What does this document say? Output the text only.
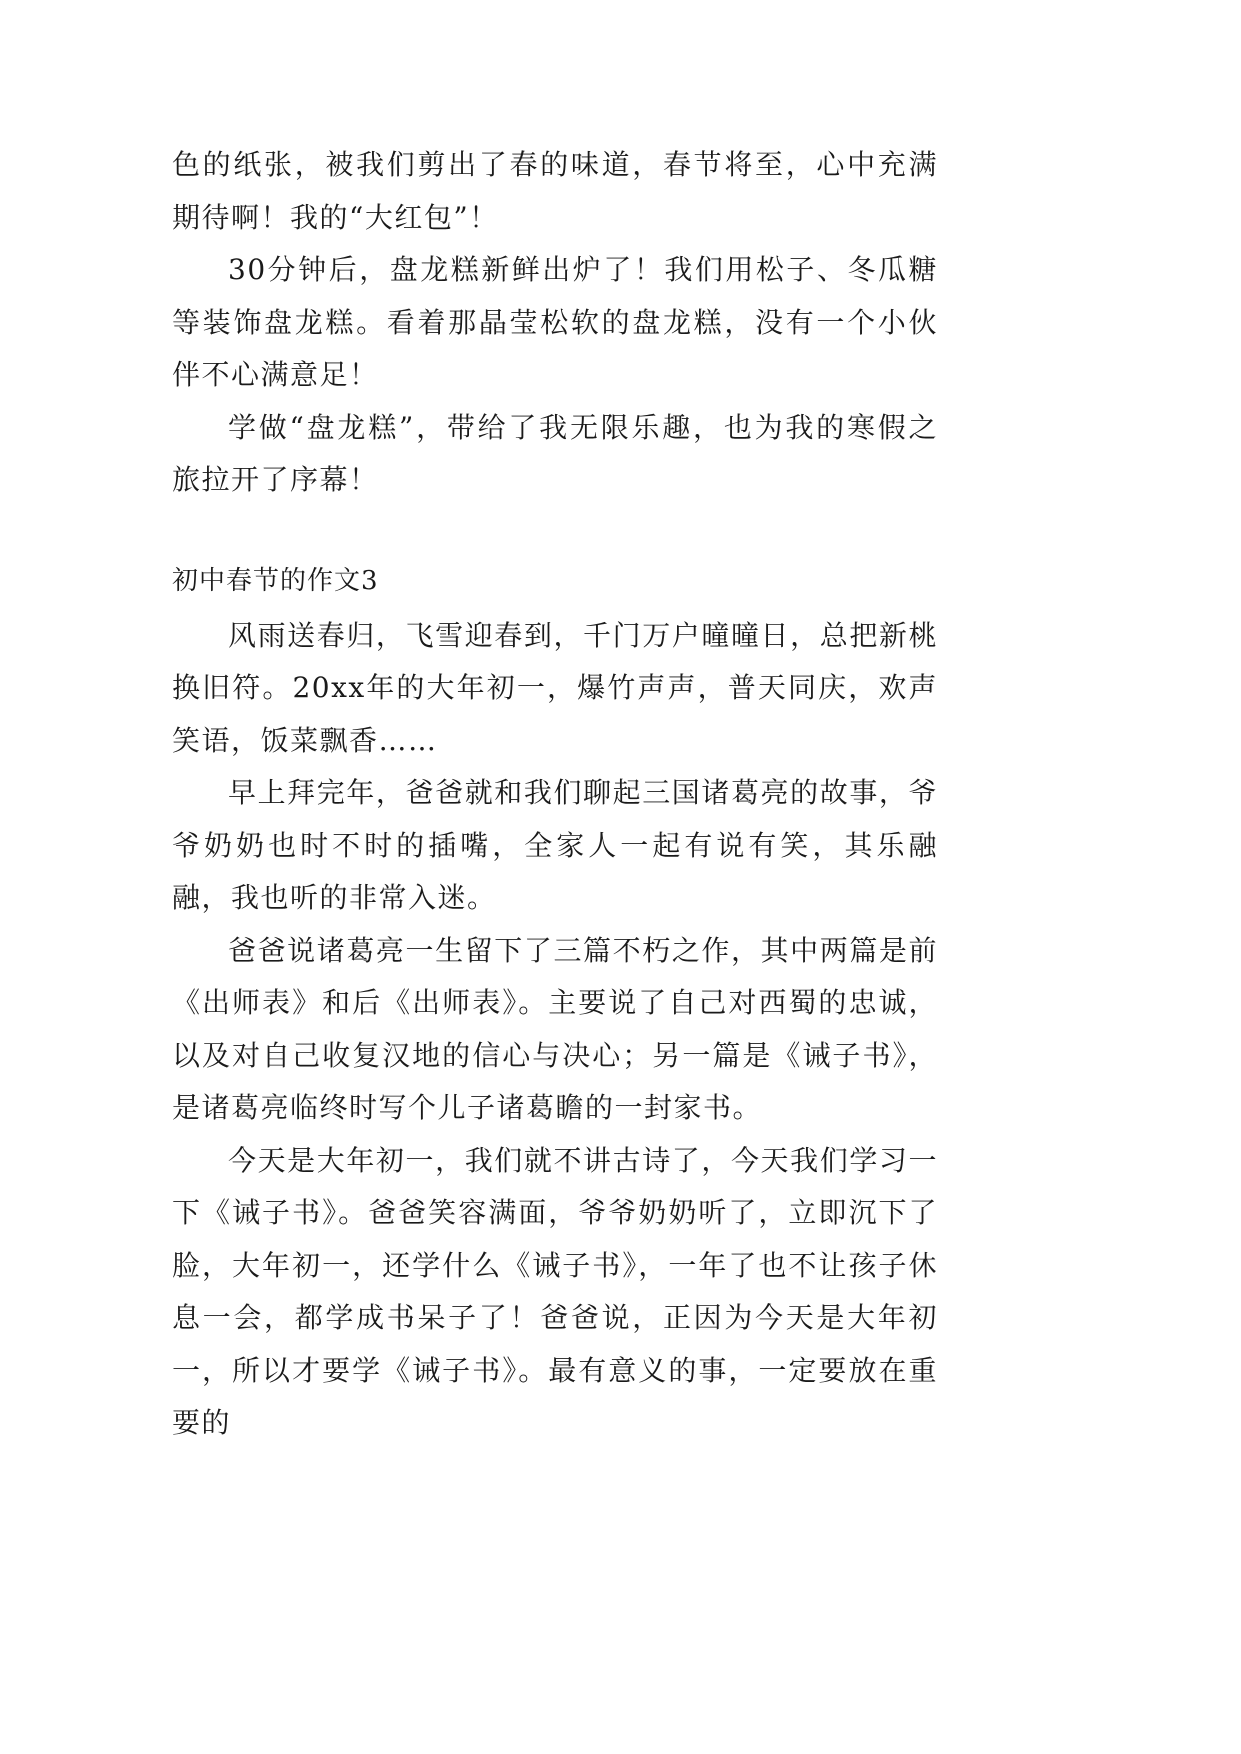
色的纸张，被我们剪出了春的味道，春节将至，心中充满期待啊！我的“大红包”！

30分钟后，盘龙糕新鲜出炉了！我们用松子、冬瓜糖等装饰盘龙糕。看着那晶莹松软的盘龙糕，没有一个小伙伴不心满意足！

学做“盘龙糕”，带给了我无限乐趣，也为我的寒假之旅拉开了序幕！

初中春节的作文3

风雨送春归，飞雪迎春到，千门万户曈曈日，总把新桃换旧符。20xx年的大年初一，爆竹声声，普天同庆，欢声笑语，饭菜飘香……

早上拜完年，爸爸就和我们聊起三国诸葛亮的故事，爷爷奶奶也时不时的插嘴，全家人一起有说有笑，其乐融融，我也听的非常入迷。

爸爸说诸葛亮一生留下了三篇不朽之作，其中两篇是前《出师表》和后《出师表》。主要说了自己对西蜀的忠诚，以及对自己收复汉地的信心与决心；另一篇是《诫子书》，是诸葛亮临终时写个儿子诸葛瞻的一封家书。

今天是大年初一，我们就不讲古诗了，今天我们学习一下《诫子书》。爸爸笑容满面，爷爷奶奶听了，立即沉下了脸，大年初一，还学什么《诫子书》，一年了也不让孩子休息一会，都学成书呆子了！爸爸说，正因为今天是大年初一，所以才要学《诫子书》。最有意义的事，一定要放在重要的
